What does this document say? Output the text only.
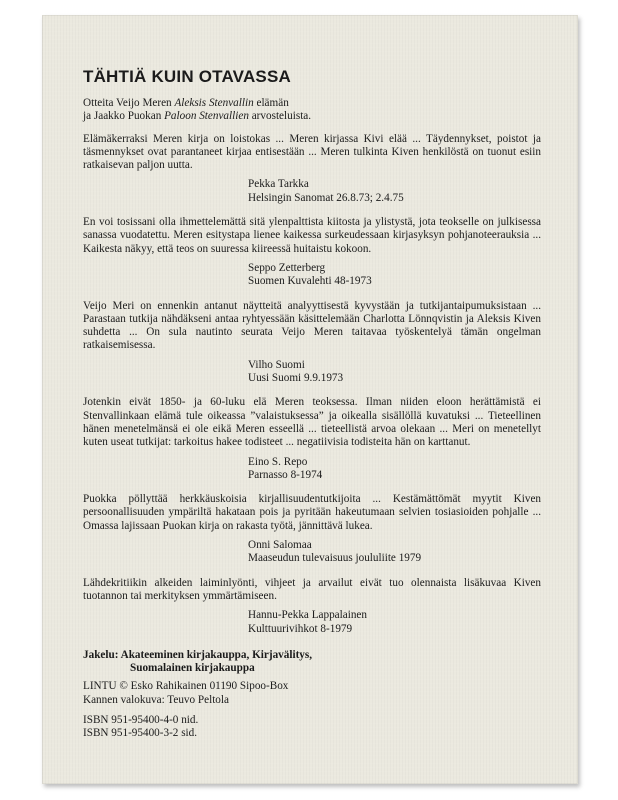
TÄHTIÄ KUIN OTAVASSA

Otteita Veijo Meren Aleksis Stenvallin elämän
ja Jaakko Puokan Paloon Stenvallien arvosteluista.

Elämäkerraksi Meren kirja on loistokas ... Meren kirjassa Kivi elää ... Täydennykset, poistot ja täsmennykset ovat parantaneet kirjaa entisestään ... Meren tulkinta Kiven henkilöstä on tuonut esiin ratkaisevan paljon uutta.

Pekka Tarkka
Helsingin Sanomat 26.8.73; 2.4.75

En voi tosissani olla ihmettelemättä sitä ylenpalttista kiitosta ja ylistystä, jota teokselle on julkisessa sanassa vuodatettu. Meren esitystapa lienee kaikessa surkeudessaan kirjasyksyn pohjanoteerauksia ... Kaikesta näkyy, että teos on suuressa kiireessä huitaistu kokoon.

Seppo Zetterberg
Suomen Kuvalehti 48-1973

Veijo Meri on ennenkin antanut näytteitä analyyttisestä kyvystään ja tutkijantaipumuksistaan ... Parastaan tutkija nähdäkseni antaa ryhtyessään käsittelemään Charlotta Lönnqvistin ja Aleksis Kiven suhdetta ... On sula nautinto seurata Veijo Meren taitavaa työskentelyä tämän ongelman ratkaisemisessa.

Vilho Suomi
Uusi Suomi 9.9.1973

Jotenkin eivät 1850- ja 60-luku elä Meren teoksessa. Ilman niiden eloon herättämistä ei Stenvallinkaan elämä tule oikeassa ”valaistuksessa” ja oikealla sisällöllä kuvatuksi ... Tieteellinen hänen menetelmänsä ei ole eikä Meren esseellä ... tieteellistä arvoa olekaan ... Meri on menetellyt kuten useat tutkijat: tarkoitus hakee todisteet ... negatiivisia todisteita hän on karttanut.

Eino S. Repo
Parnasso 8-1974

Puokka pöllyttää herkkäuskoisia kirjallisuudentutkijoita ... Kestämättömät myytit Kiven persoonallisuuden ympäriltä hakataan pois ja pyritään hakeutumaan selvien tosiasioiden pohjalle ... Omassa lajissaan Puokan kirja on rakasta työtä, jännittävä lukea.

Onni Salomaa
Maaseudun tulevaisuus joululiite 1979

Lähdekritiikin alkeiden laiminlyönti, vihjeet ja arvailut eivät tuo olennaista lisäkuvaa Kiven tuotannon tai merkityksen ymmärtämiseen.

Hannu-Pekka Lappalainen
Kulttuurivihkot 8-1979
Jakelu: Akateeminen kirjakauppa, Kirjavälitys,
Suomalainen kirjakauppa
LINTU © Esko Rahikainen 01190 Sipoo-Box
Kannen valokuva: Teuvo Peltola
ISBN 951-95400-4-0 nid.
ISBN 951-95400-3-2 sid.
